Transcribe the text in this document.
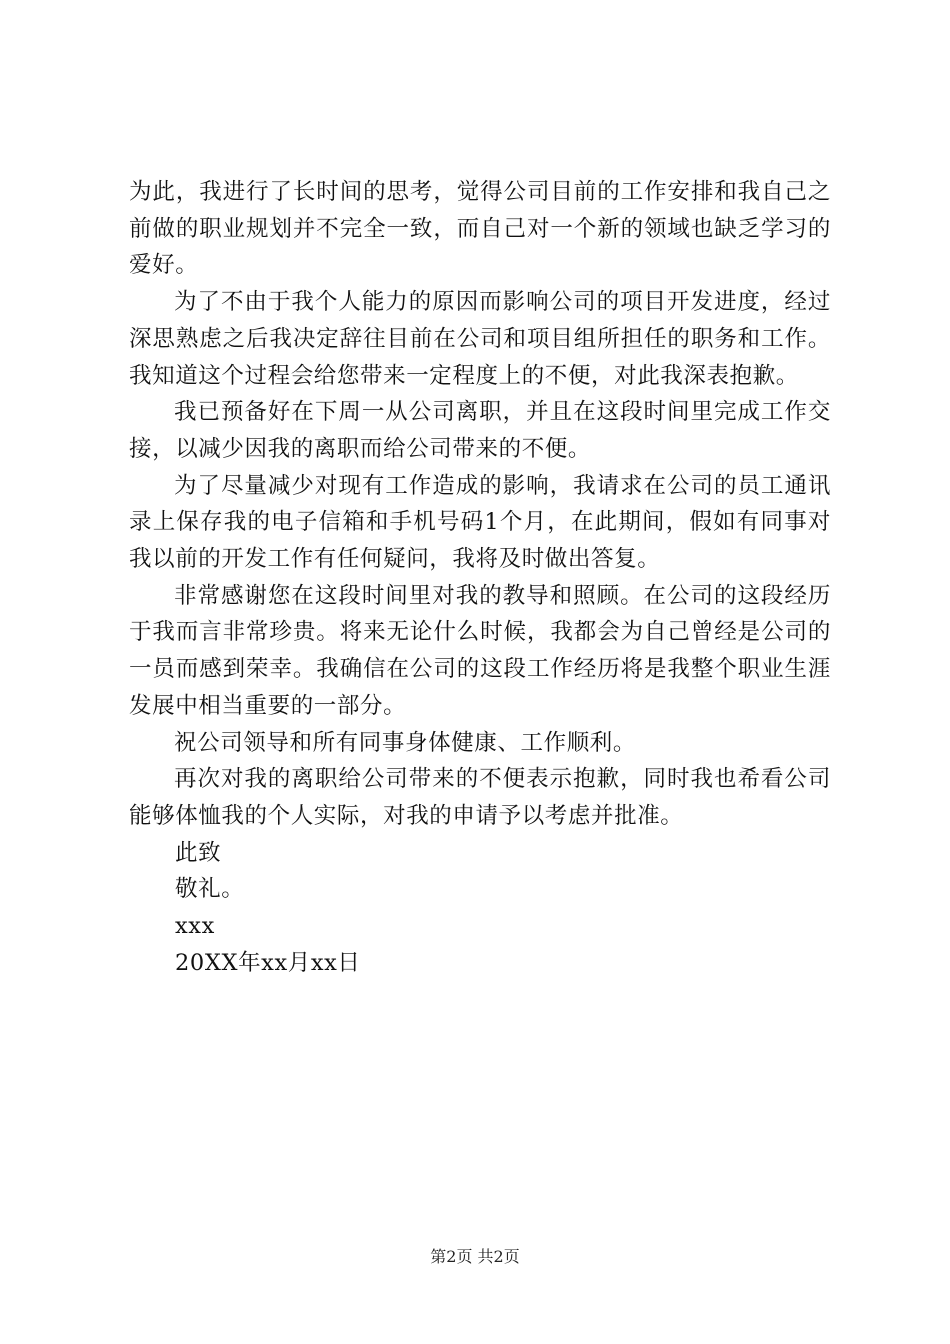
为此，我进行了长时间的思考，觉得公司目前的工作安排和我自己之前做的职业规划并不完全一致，而自己对一个新的领域也缺乏学习的爱好。

为了不由于我个人能力的原因而影响公司的项目开发进度，经过深思熟虑之后我决定辞往目前在公司和项目组所担任的职务和工作。我知道这个过程会给您带来一定程度上的不便，对此我深表抱歉。

我已预备好在下周一从公司离职，并且在这段时间里完成工作交接，以减少因我的离职而给公司带来的不便。

为了尽量减少对现有工作造成的影响，我请求在公司的员工通讯录上保存我的电子信箱和手机号码1个月，在此期间，假如有同事对我以前的开发工作有任何疑问，我将及时做出答复。

非常感谢您在这段时间里对我的教导和照顾。在公司的这段经历于我而言非常珍贵。将来无论什么时候，我都会为自己曾经是公司的一员而感到荣幸。我确信在公司的这段工作经历将是我整个职业生涯发展中相当重要的一部分。

祝公司领导和所有同事身体健康、工作顺利。

再次对我的离职给公司带来的不便表示抱歉，同时我也希看公司能够体恤我的个人实际，对我的申请予以考虑并批准。

此致

敬礼。

xxx

20XX年xx月xx日

第2页 共2页
